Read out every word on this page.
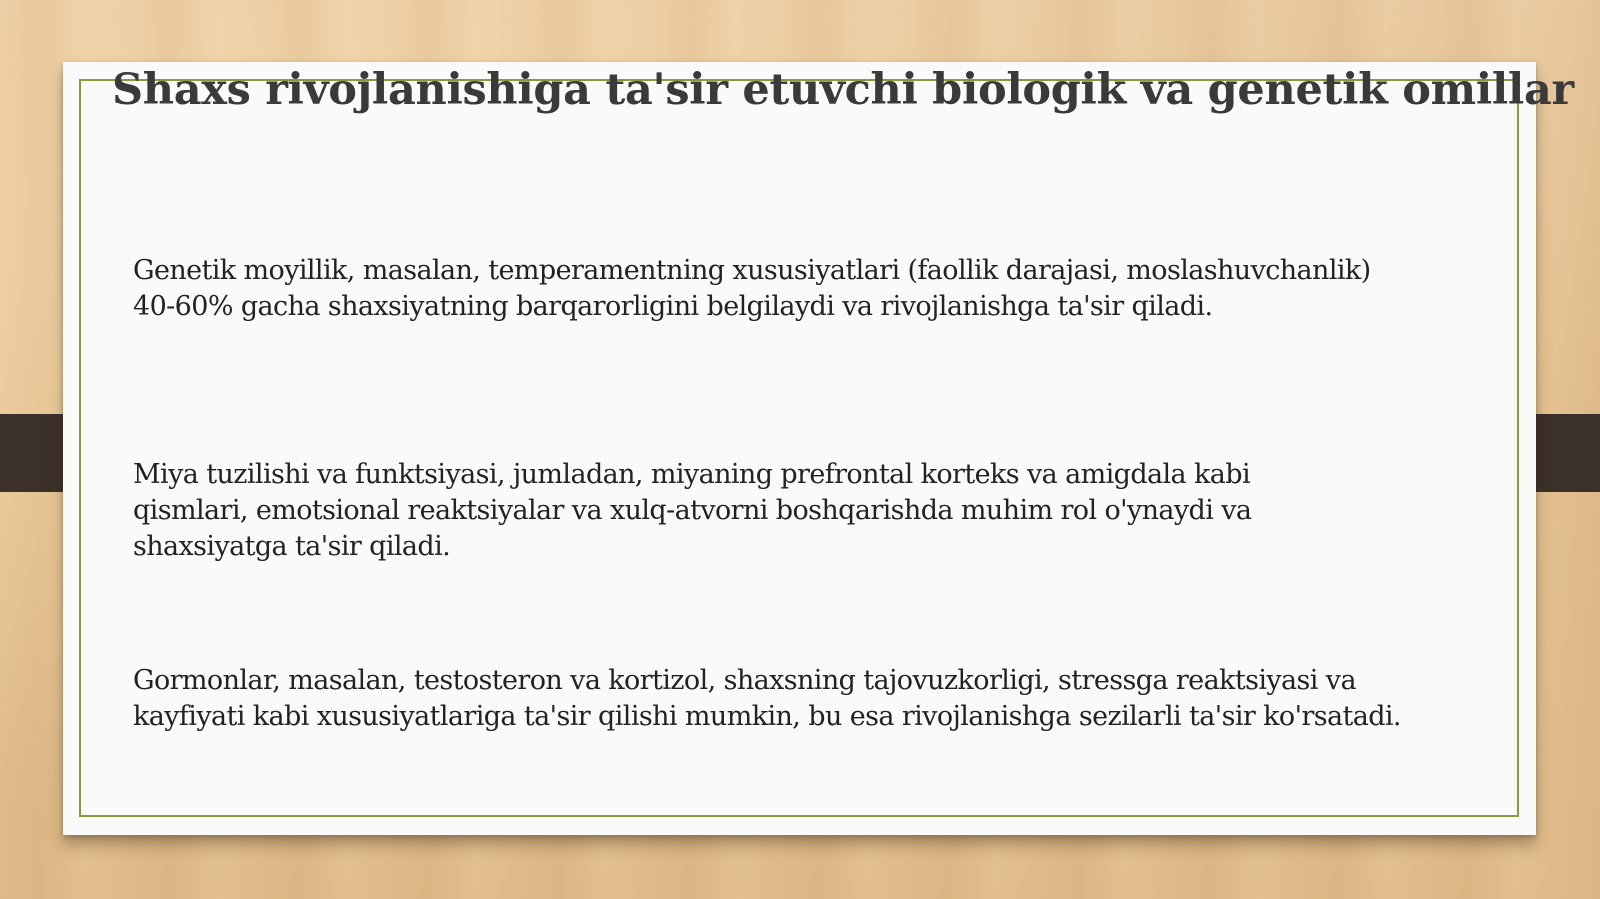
Shaxs rivojlanishiga ta'sir etuvchi biologik va genetik omillar

Genetik moyillik, masalan, temperamentning xususiyatlari (faollik darajasi, moslashuvchanlik)
40-60% gacha shaxsiyatning barqarorligini belgilaydi va rivojlanishga ta'sir qiladi.

Miya tuzilishi va funktsiyasi, jumladan, miyaning prefrontal korteks va amigdala kabi
qismlari, emotsional reaktsiyalar va xulq-atvorni boshqarishda muhim rol o'ynaydi va
shaxsiyatga ta'sir qiladi.

Gormonlar, masalan, testosteron va kortizol, shaxsning tajovuzkorligi, stressga reaktsiyasi va
kayfiyati kabi xususiyatlariga ta'sir qilishi mumkin, bu esa rivojlanishga sezilarli ta'sir ko'rsatadi.
